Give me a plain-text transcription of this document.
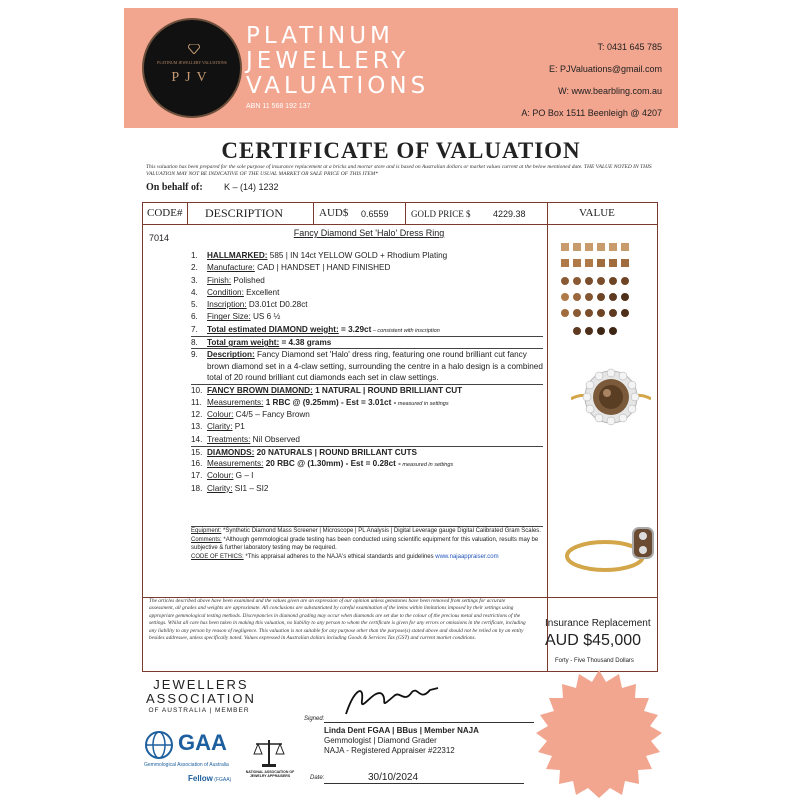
PLATINUM JEWELLERY VALUATIONS
PJV
PLATINUM
JEWELLERY
VALUATIONS
ABN 11 568 192 137
T: 0431 645 785
E: PJValuations@gmail.com
W: www.bearbling.com.au
A: PO Box 1511 Beenleigh @ 4207
CERTIFICATE OF VALUATION
This valuation has been prepared for the sole purpose of insurance replacement at a bricks and mortar store and is based on Australian dollars or market values current at the below mentioned date. THE VALUE NOTED IN THIS VALUATION MAY NOT BE INDICATIVE OF THE USUAL MARKET OR SALE PRICE OF THIS ITEM*
On behalf of: K – (14) 1232
CODE# DESCRIPTION	AUD$ 0.6559 GOLD PRICE $ 4229.38	VALUE
7014	Fancy Diamond Set 'Halo' Dress Ring
1. HALLMARKED: 585 | IN 14ct YELLOW GOLD + Rhodium Plating
2. Manufacture: CAD | HANDSET | HAND FINISHED
3. Finish: Polished
4. Condition: Excellent
5. Inscription: D3.01ct D0.28ct
6. Finger Size: US 6 ½
7. Total estimated DIAMOND weight: = 3.29ct – consistent with inscription
8. Total gram weight: = 4.38 grams
9.	Description: Fancy Diamond set 'Halo' dress ring, featuring one round brilliant cut fancy brown diamond set in a 4-claw setting, surrounding the centre in a halo design is a combined total of 20 round brilliant cut diamonds each set in claw settings.
10. FANCY BROWN DIAMOND: 1 NATURAL | ROUND BRILLIANT CUT
11. Measurements: 1 RBC @ (9.25mm) - Est = 3.01ct - measured in settings
12. Colour: C4/5 – Fancy Brown
13. Clarity: P1
14. Treatments: Nil Observed
15. DIAMONDS: 20 NATURALS | ROUND BRILLANT CUTS
16. Measurements: 20 RBC @ (1.30mm) - Est = 0.28ct - measured in settings
17. Colour: G – I
18. Clarity: SI1 – SI2
Equipment: *Synthetic Diamond Mass Screener | Microscope | PL Analysis | Digital Leverage gauge Digital Calibrated Gram Scales.
Comments: *Although gemmological grade testing has been conducted using scientific equipment for this valuation, results may be subjective & further laboratory testing may be required.
CODE OF ETHICS: *This appraisal adheres to the NAJA's ethical standards and guidelines www.najaappraiser.com
The articles described above have been examined and the values given are an expression of our opinion unless gemstones have been removed from settings for accurate assessment, all grades and weights are approximate. All conclusions are substantiated by careful examination of the items within limitations imposed by their settings using appropriate gemmological testing methods. Discrepancies in diamond grading may occur when diamonds are set due to the colour of the precious metal and restrictions of the settings. Whilst all care has been taken in making this valuation, no liability to any person to whom the certificate is given for any errors or omissions in the certificate, including any liability to any person by reason of negligence. This valuation is not suitable for any purpose other than the purpose(s) stated above and should not be relied on by an entity besides addressee, unless specifically noted. Values expressed in Australian dollars including Goods & Services Tax (GST) and current market conditions.
Insurance Replacement
AUD $45,000
Forty - Five Thousand Dollars
JEWELLERS
ASSOCIATION
OF AUSTRALIA | MEMBER
GAA
Gemmological Association of Australia
Fellow (FGAA)
NATIONAL ASSOCIATION OF JEWELRY APPRAISERS
Signed:
Linda Dent FGAA | BBus | Member NAJA
Gemmologist | Diamond Grader
NAJA - Registered Appraiser #22312
Date:	30/10/2024
